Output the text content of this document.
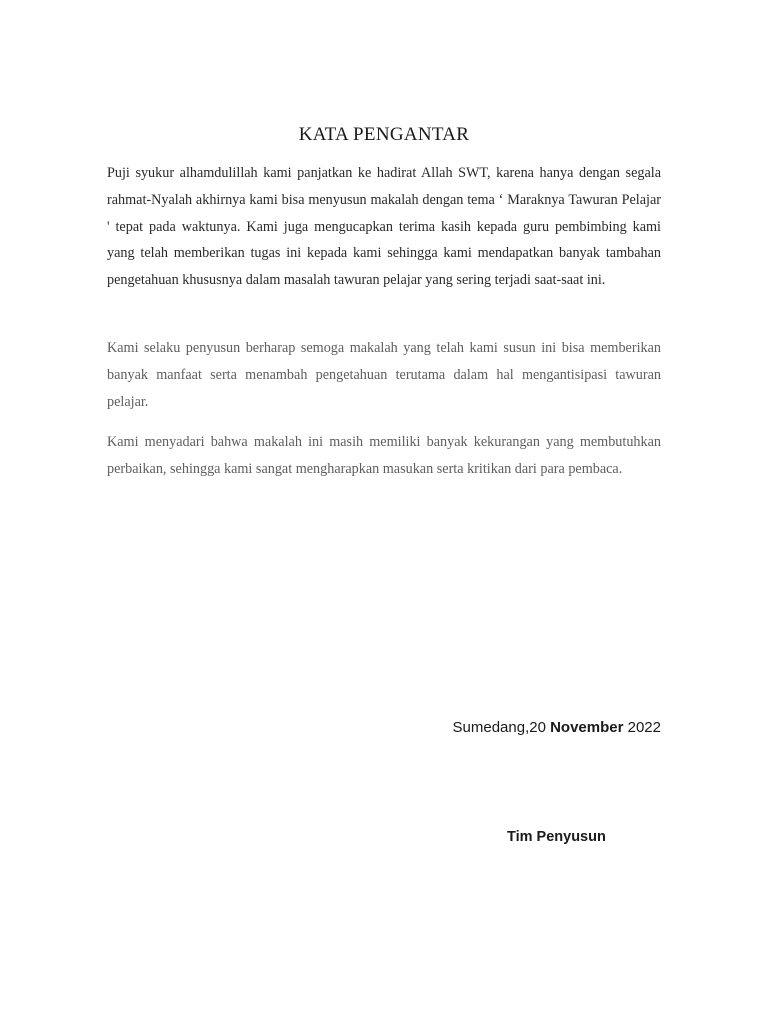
KATA PENGANTAR

Puji syukur alhamdulillah kami panjatkan ke hadirat Allah SWT, karena hanya dengan segala rahmat-Nyalah akhirnya kami bisa menyusun makalah dengan tema ‘ Maraknya Tawuran Pelajar ' tepat pada waktunya. Kami juga mengucapkan terima kasih kepada guru pembimbing kami yang telah memberikan tugas ini kepada kami sehingga kami mendapatkan banyak tambahan pengetahuan khususnya dalam masalah tawuran pelajar yang sering terjadi saat-saat ini.

Kami selaku penyusun berharap semoga makalah yang telah kami susun ini bisa memberikan banyak manfaat serta menambah pengetahuan terutama dalam hal mengantisipasi tawuran pelajar.

Kami menyadari bahwa makalah ini masih memiliki banyak kekurangan yang membutuhkan perbaikan, sehingga kami sangat mengharapkan masukan serta kritikan dari para pembaca.

Sumedang,20 November 2022
Tim Penyusun
